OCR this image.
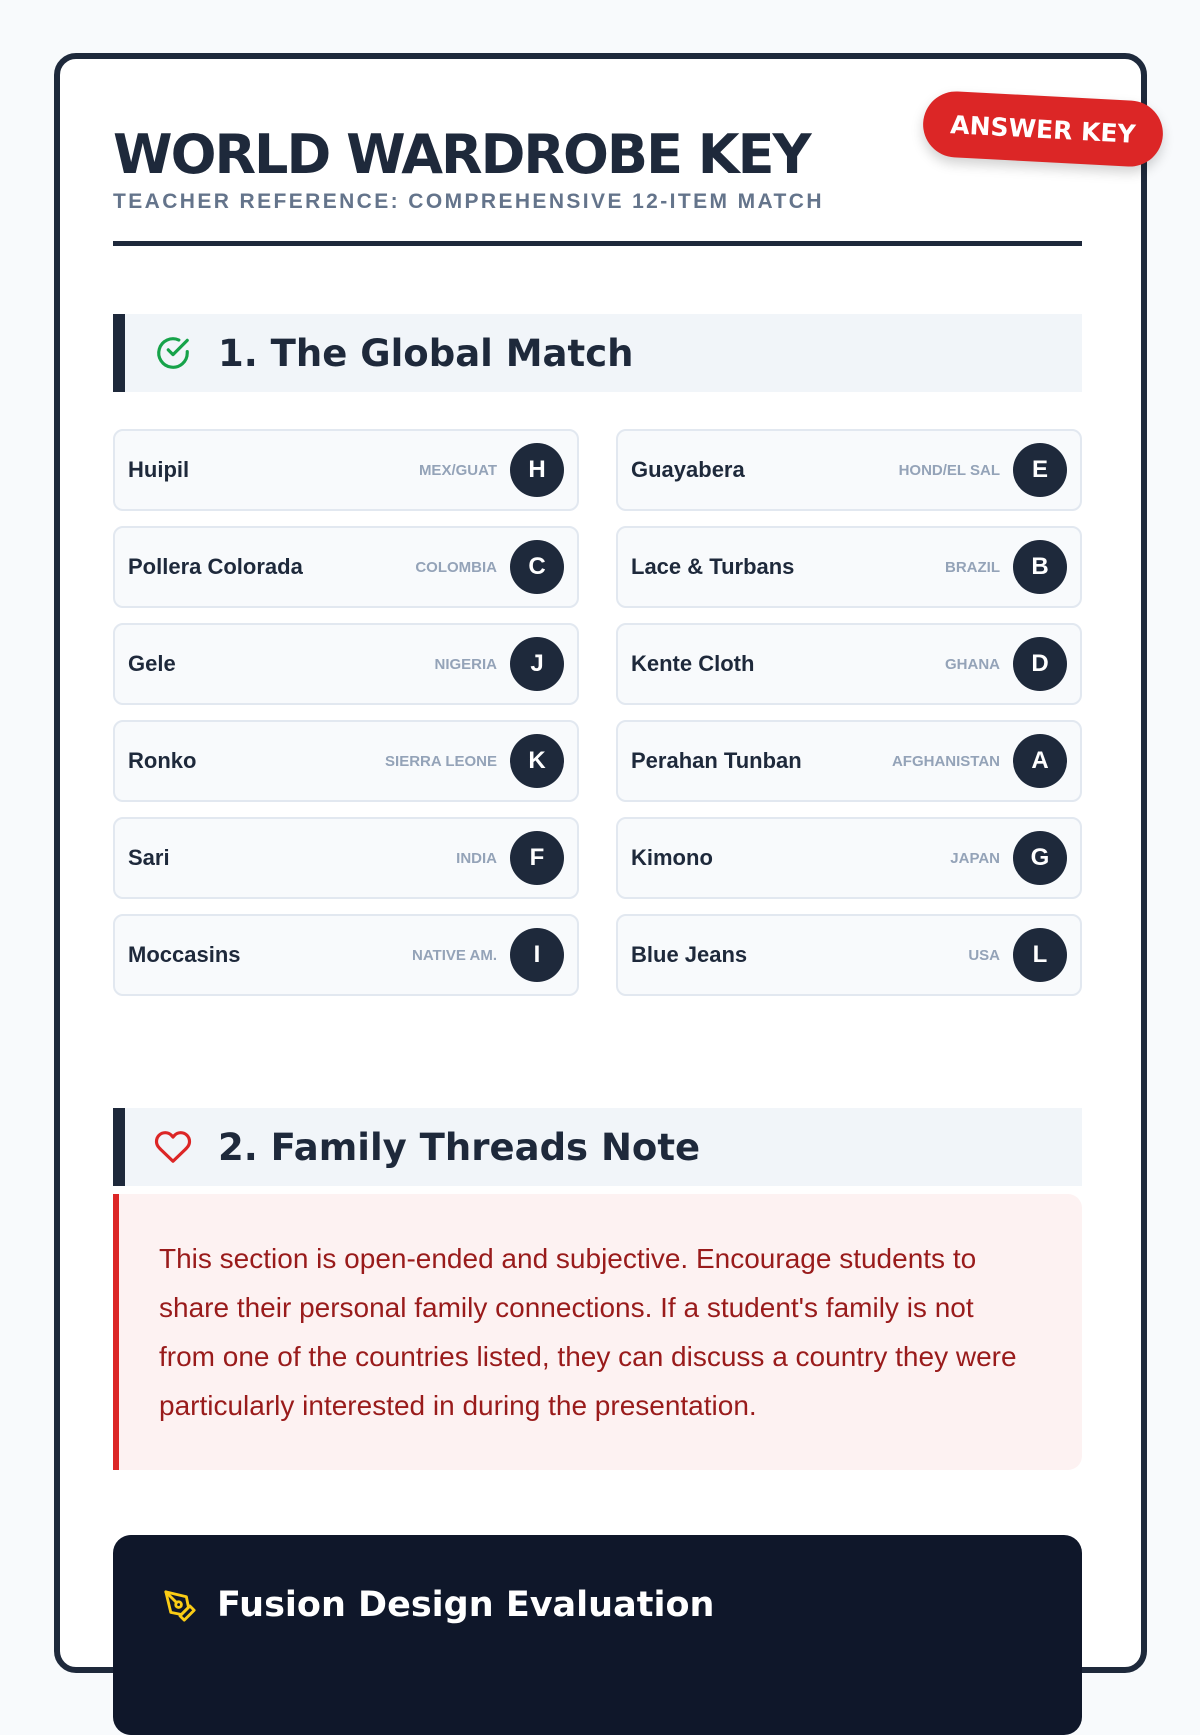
WORLD WARDROBE KEY	ANSWER KEY
TEACHER REFERENCE: COMPREHENSIVE 12-ITEM MATCH
1. The Global Match
Huipil	MEX/GUAT	H	Guayabera	HOND/EL SAL	E
Pollera Colorada	COLOMBIA	C	Lace & Turbans	BRAZIL	B
Gele	NIGERIA	J	Kente Cloth	GHANA	D
Ronko	SIERRA LEONE	K	Perahan Tunban	AFGHANISTAN	A
Sari	INDIA	F	Kimono	JAPAN	G
Moccasins	NATIVE AM.	I	Blue Jeans	USA	L
2. Family Threads Note

This section is open-ended and subjective. Encourage students to share their personal family connections. If a student's family is not from one of the countries listed, they can discuss a country they were particularly interested in during the presentation.

Fusion Design Evaluation
